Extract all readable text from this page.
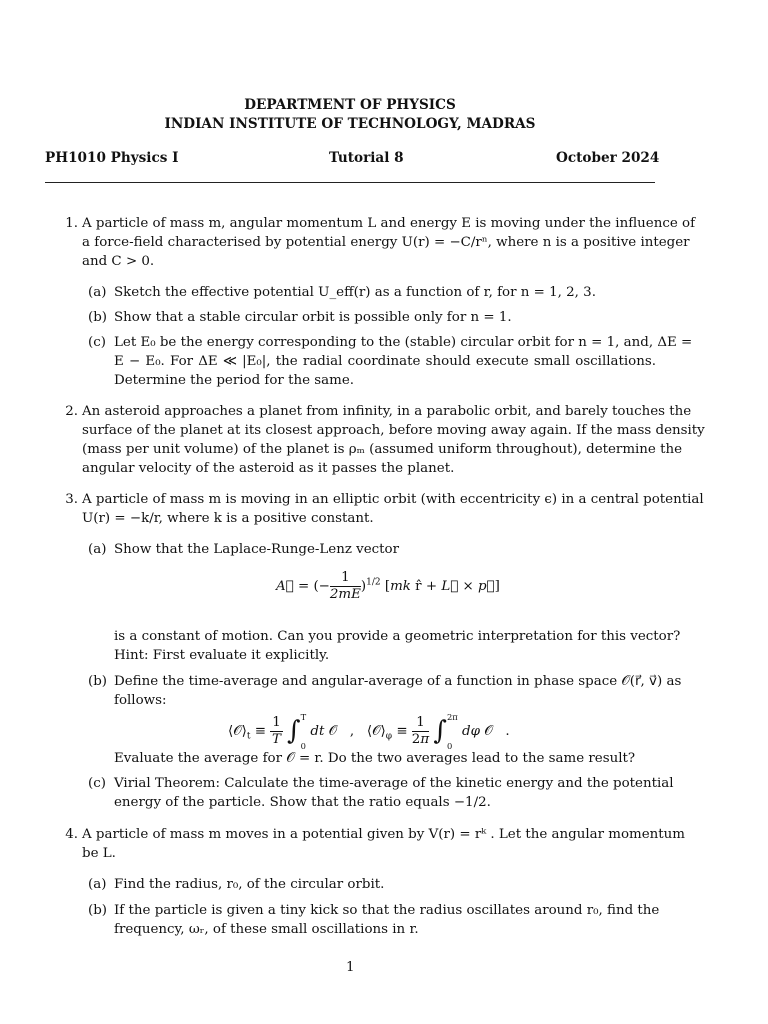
DEPARTMENT OF PHYSICS
INDIAN INSTITUTE OF TECHNOLOGY, MADRAS
PH1010 Physics I	Tutorial 8	October 2024
1. A particle of mass m, angular momentum L and energy E is moving under the influence of
a force-field characterised by potential energy U(r) = −C/rⁿ, where n is a positive integer
and C > 0.
(a) Sketch the effective potential U_eff(r) as a function of r, for n = 1, 2, 3.
(b) Show that a stable circular orbit is possible only for n = 1.
(c) Let E₀ be the energy corresponding to the (stable) circular orbit for n = 1, and, ΔE =
E − E₀. For ΔE ≪ |E₀|, the radial coordinate should execute small oscillations.
Determine the period for the same.
2. An asteroid approaches a planet from infinity, in a parabolic orbit, and barely touches the
surface of the planet at its closest approach, before moving away again. If the mass density
(mass per unit volume) of the planet is ρₘ (assumed uniform throughout), determine the
angular velocity of the asteroid as it passes the planet.
3. A particle of mass m is moving in an elliptic orbit (with eccentricity ϵ) in a central potential
U(r) = −k/r, where k is a positive constant.
(a) Show that the Laplace-Runge-Lenz vector
A⃗ = (− $\frac{1}{2mE} )^{1/2}$ [mk r̂ + L⃗ × p⃗]
is a constant of motion. Can you provide a geometric interpretation for this vector?
Hint: First evaluate it explicitly.
(b) Define the time-average and angular-average of a function in phase space 𝒪(r⃗, v⃗) as
follows:
$⟨𝒪⟩_t \equiv \frac{1}{T} \int^T$
$_0$ dt 𝒪   ,   $⟨𝒪⟩_\varphi \equiv \frac{1}{2\pi} \int^{2\pi}$
$_0$ dφ 𝒪   .
Evaluate the average for 𝒪 = r. Do the two averages lead to the same result?
(c) Virial Theorem: Calculate the time-average of the kinetic energy and the potential
energy of the particle. Show that the ratio equals −1/2.
4. A particle of mass m moves in a potential given by V(r) = rᵏ . Let the angular momentum
be L.
(a) Find the radius, r₀, of the circular orbit.
(b) If the particle is given a tiny kick so that the radius oscillates around r₀, find the
frequency, ωᵣ, of these small oscillations in r.
1
